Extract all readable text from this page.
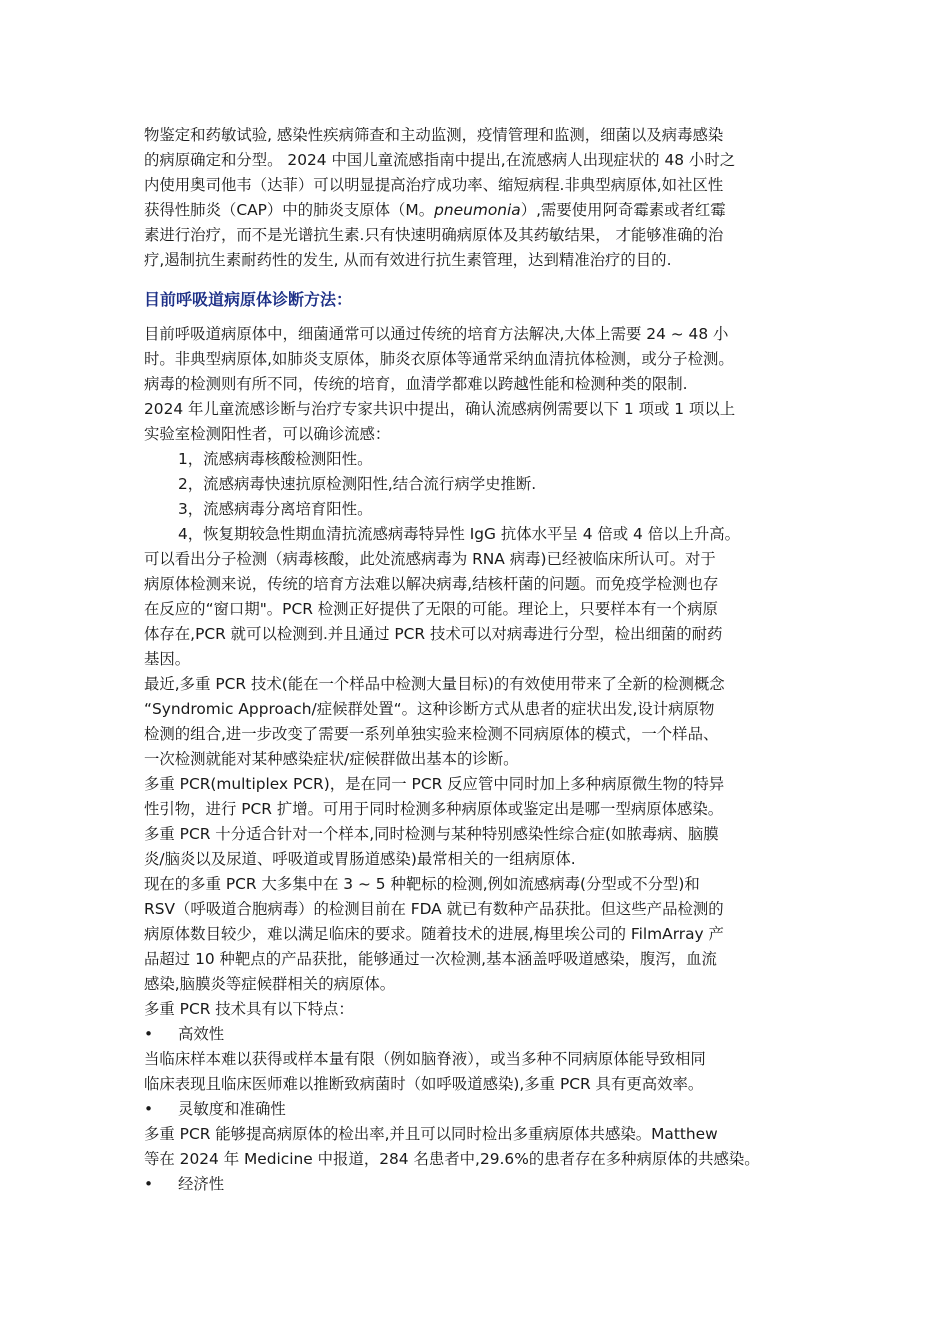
物鉴定和药敏试验, 感染性疾病筛查和主动监测，疫情管理和监测，细菌以及病毒感染
的病原确定和分型。 2024 中国儿童流感指南中提出,在流感病人出现症状的 48 小时之
内使用奥司他韦（达菲）可以明显提高治疗成功率、缩短病程.非典型病原体,如社区性
获得性肺炎（CAP）中的肺炎支原体（M。pneumonia）,需要使用阿奇霉素或者红霉
素进行治疗，而不是光谱抗生素.只有快速明确病原体及其药敏结果， 才能够准确的治
疗,遏制抗生素耐药性的发生, 从而有效进行抗生素管理，达到精准治疗的目的.

目前呼吸道病原体诊断方法：

目前呼吸道病原体中，细菌通常可以通过传统的培育方法解决,大体上需要 24 ~ 48 小
时。非典型病原体,如肺炎支原体，肺炎衣原体等通常采纳血清抗体检测，或分子检测。
病毒的检测则有所不同，传统的培育，血清学都难以跨越性能和检测种类的限制.

2024 年儿童流感诊断与治疗专家共识中提出，确认流感病例需要以下 1 项或 1 项以上
实验室检测阳性者，可以确诊流感：

1，流感病毒核酸检测阳性。

2，流感病毒快速抗原检测阳性,结合流行病学史推断.

3，流感病毒分离培育阳性。

4，恢复期较急性期血清抗流感病毒特异性 IgG 抗体水平呈 4 倍或 4 倍以上升高。

可以看出分子检测（病毒核酸，此处流感病毒为 RNA 病毒)已经被临床所认可。对于
病原体检测来说，传统的培育方法难以解决病毒,结核杆菌的问题。而免疫学检测也存
在反应的“窗口期"。PCR 检测正好提供了无限的可能。理论上，只要样本有一个病原
体存在,PCR 就可以检测到.并且通过 PCR 技术可以对病毒进行分型，检出细菌的耐药
基因。

最近,多重 PCR 技术(能在一个样品中检测大量目标)的有效使用带来了全新的检测概念
“Syndromic Approach/症候群处置“。这种诊断方式从患者的症状出发,设计病原物
检测的组合,进一步改变了需要一系列单独实验来检测不同病原体的模式，一个样品、
一次检测就能对某种感染症状/症候群做出基本的诊断。

多重 PCR(multiplex PCR)，是在同一 PCR 反应管中同时加上多种病原微生物的特异
性引物，进行 PCR 扩增。可用于同时检测多种病原体或鉴定出是哪一型病原体感染。
多重 PCR 十分适合针对一个样本,同时检测与某种特别感染性综合症(如脓毒病、脑膜
炎/脑炎以及尿道、呼吸道或胃肠道感染)最常相关的一组病原体.

现在的多重 PCR 大多集中在 3 ~ 5 种靶标的检测,例如流感病毒(分型或不分型)和
RSV（呼吸道合胞病毒）的检测目前在 FDA 就已有数种产品获批。但这些产品检测的
病原体数目较少，难以满足临床的要求。随着技术的进展,梅里埃公司的 FilmArray 产
品超过 10 种靶点的产品获批，能够通过一次检测,基本涵盖呼吸道感染，腹泻，血流
感染,脑膜炎等症候群相关的病原体。

多重 PCR 技术具有以下特点：

•	高效性

当临床样本难以获得或样本量有限（例如脑脊液），或当多种不同病原体能导致相同
临床表现且临床医师难以推断致病菌时（如呼吸道感染),多重 PCR 具有更高效率。

•	灵敏度和准确性

多重 PCR 能够提高病原体的检出率,并且可以同时检出多重病原体共感染。Matthew
等在 2024 年 Medicine 中报道，284 名患者中,29.6%的患者存在多种病原体的共感染。

•	经济性
